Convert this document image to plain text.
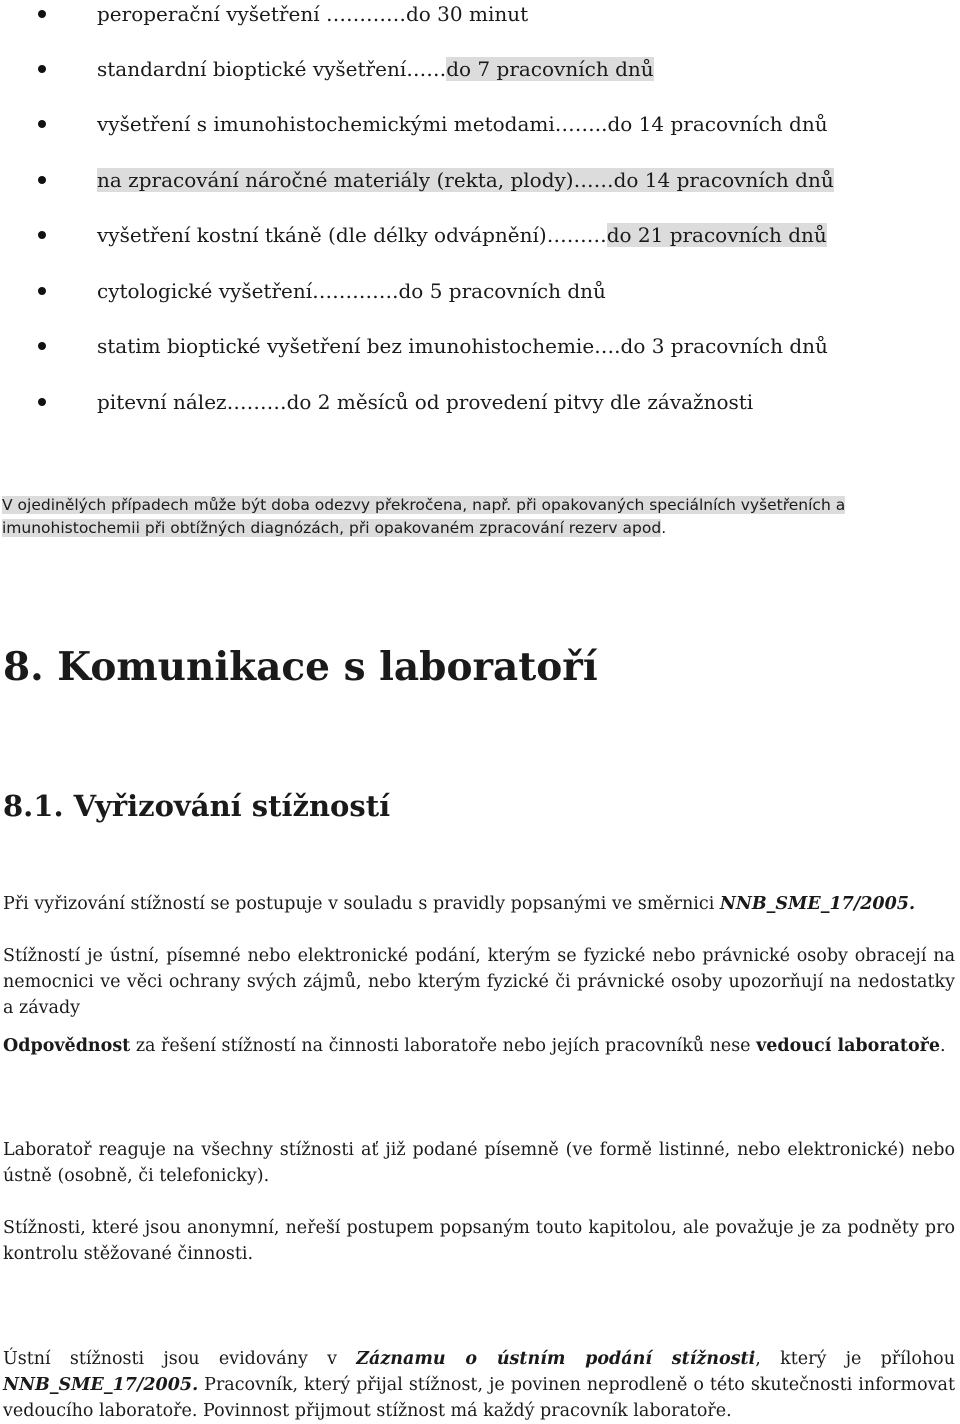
peroperační vyšetření …………do 30 minut
standardní bioptické vyšetření……do 7 pracovních dnů
vyšetření s imunohistochemickými metodami……..do 14 pracovních dnů
na zpracování náročné materiály (rekta, plody)……do 14 pracovních dnů
vyšetření kostní tkáně (dle délky odvápnění)………do 21 pracovních dnů
cytologické vyšetření………….do 5 pracovních dnů
statim bioptické vyšetření bez imunohistochemie….do 3 pracovních dnů
pitevní nález………do 2 měsíců od provedení pitvy dle závažnosti
V ojedinělých případech může být doba odezvy překročena, např. při opakovaných speciálních vyšetřeních a
imunohistochemii při obtížných diagnózách, při opakovaném zpracování rezerv apod.
8. Komunikace s laboratoří
8.1. Vyřizování stížností
Při vyřizování stížností se postupuje v souladu s pravidly popsanými ve směrnici NNB_SME_17/2005.
Stížností je ústní, písemné nebo elektronické podání, kterým se fyzické nebo právnické osoby obracejí na nemocnici ve věci ochrany svých zájmů, nebo kterým fyzické či právnické osoby upozorňují na nedostatky a závady
Odpovědnost za řešení stížností na činnosti laboratoře nebo jejích pracovníků nese vedoucí laboratoře.
Laboratoř reaguje na všechny stížnosti ať již podané písemně (ve formě listinné, nebo elektronické) nebo ústně (osobně, či telefonicky).
Stížnosti, které jsou anonymní, neřeší postupem popsaným touto kapitolou, ale považuje je za podněty pro kontrolu stěžované činnosti.
Ústní stížnosti jsou evidovány v Záznamu o ústním podání stížnosti, který je přílohou NNB_SME_17/2005. Pracovník, který přijal stížnost, je povinen neprodleně o této skutečnosti informovat vedoucího laboratoře. Povinnost přijmout stížnost má každý pracovník laboratoře.
